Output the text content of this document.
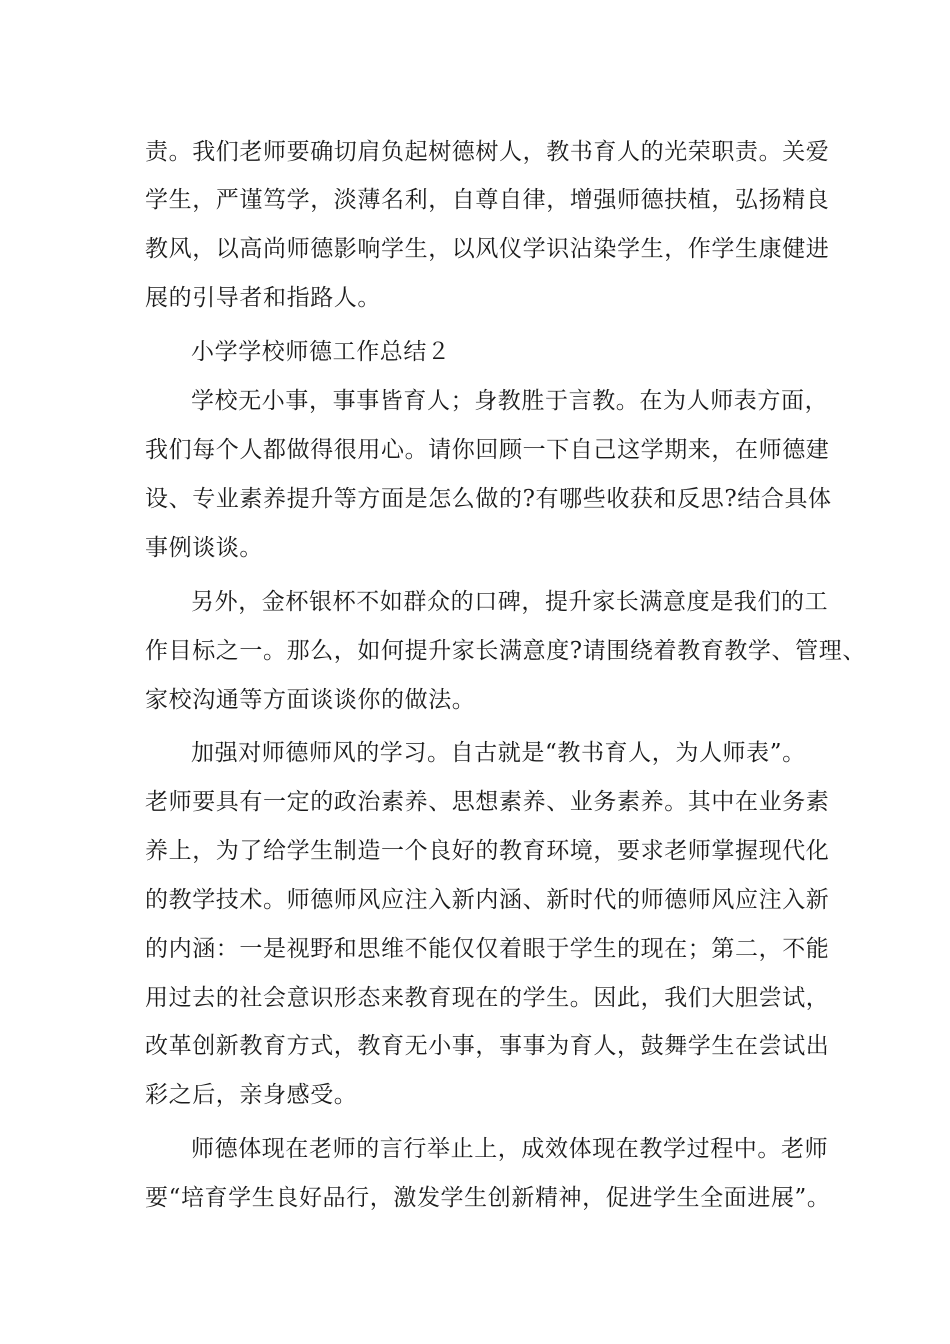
责。我们老师要确切肩负起树德树人，教书育人的光荣职责。关爱
学生，严谨笃学，淡薄名利，自尊自律，增强师德扶植，弘扬精良
教风，以高尚师德影响学生，以风仪学识沾染学生，作学生康健进
展的引导者和指路人。
小学学校师德工作总结２
学校无小事，事事皆育人；身教胜于言教。在为人师表方面，
我们每个人都做得很用心。请你回顾一下自己这学期来，在师德建
设、专业素养提升等方面是怎么做的?有哪些收获和反思?结合具体
事例谈谈。
另外，金杯银杯不如群众的口碑，提升家长满意度是我们的工
作目标之一。那么，如何提升家长满意度?请围绕着教育教学、管理、
家校沟通等方面谈谈你的做法。
加强对师德师风的学习。自古就是“教书育人，为人师表”。
老师要具有一定的政治素养、思想素养、业务素养。其中在业务素
养上，为了给学生制造一个良好的教育环境，要求老师掌握现代化
的教学技术。师德师风应注入新内涵、新时代的师德师风应注入新
的内涵：一是视野和思维不能仅仅着眼于学生的现在；第二，不能
用过去的社会意识形态来教育现在的学生。因此，我们大胆尝试，
改革创新教育方式，教育无小事，事事为育人，鼓舞学生在尝试出
彩之后，亲身感受。
师德体现在老师的言行举止上，成效体现在教学过程中。老师
要“培育学生良好品行，激发学生创新精神，促进学生全面进展”。
